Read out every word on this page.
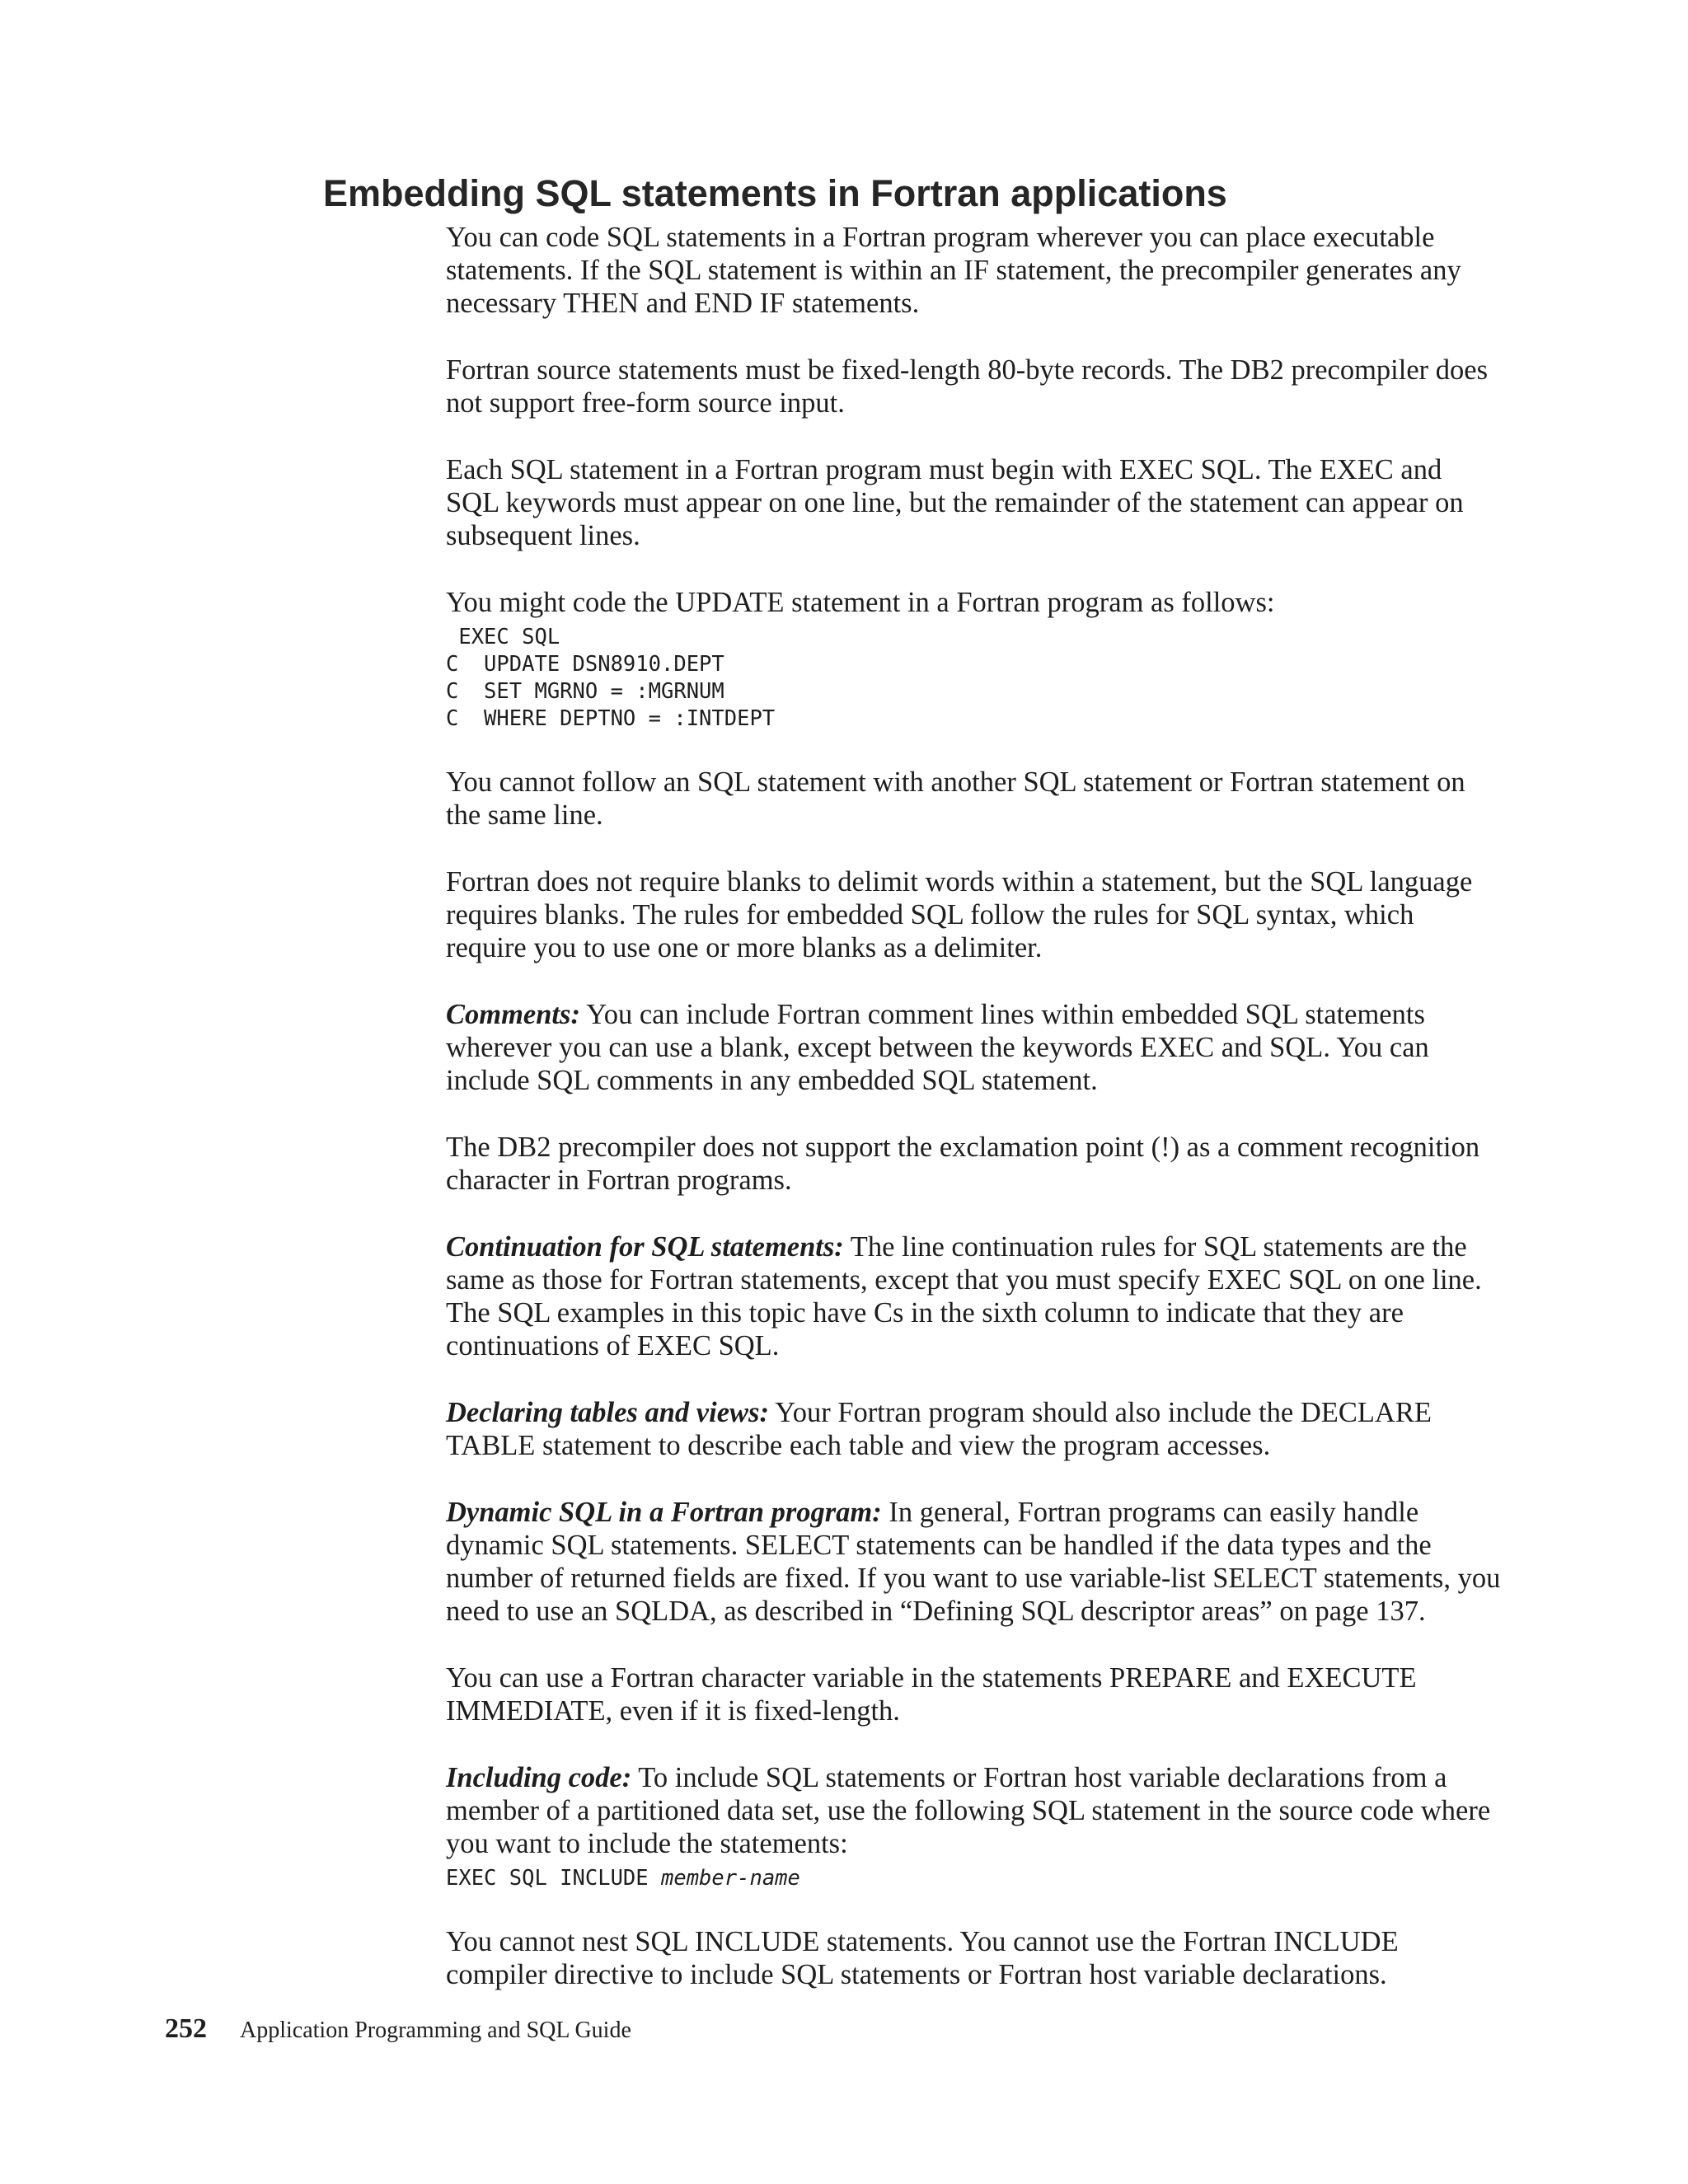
Embedding SQL statements in Fortran applications

You can code SQL statements in a Fortran program wherever you can place executable statements. If the SQL statement is within an IF statement, the precompiler generates any necessary THEN and END IF statements.

Fortran source statements must be fixed-length 80-byte records. The DB2 precompiler does not support free-form source input.

Each SQL statement in a Fortran program must begin with EXEC SQL. The EXEC and SQL keywords must appear on one line, but the remainder of the statement can appear on subsequent lines.

You might code the UPDATE statement in a Fortran program as follows:

EXEC SQL
C  UPDATE DSN8910.DEPT
C  SET MGRNO = :MGRNUM
C  WHERE DEPTNO = :INTDEPT

You cannot follow an SQL statement with another SQL statement or Fortran statement on the same line.

Fortran does not require blanks to delimit words within a statement, but the SQL language requires blanks. The rules for embedded SQL follow the rules for SQL syntax, which require you to use one or more blanks as a delimiter.

Comments: You can include Fortran comment lines within embedded SQL statements wherever you can use a blank, except between the keywords EXEC and SQL. You can include SQL comments in any embedded SQL statement.

The DB2 precompiler does not support the exclamation point (!) as a comment recognition character in Fortran programs.

Continuation for SQL statements: The line continuation rules for SQL statements are the same as those for Fortran statements, except that you must specify EXEC SQL on one line. The SQL examples in this topic have Cs in the sixth column to indicate that they are continuations of EXEC SQL.

Declaring tables and views: Your Fortran program should also include the DECLARE TABLE statement to describe each table and view the program accesses.

Dynamic SQL in a Fortran program: In general, Fortran programs can easily handle dynamic SQL statements. SELECT statements can be handled if the data types and the number of returned fields are fixed. If you want to use variable-list SELECT statements, you need to use an SQLDA, as described in “Defining SQL descriptor areas” on page 137.

You can use a Fortran character variable in the statements PREPARE and EXECUTE IMMEDIATE, even if it is fixed-length.

Including code: To include SQL statements or Fortran host variable declarations from a member of a partitioned data set, use the following SQL statement in the source code where you want to include the statements:

EXEC SQL INCLUDE member-name

You cannot nest SQL INCLUDE statements. You cannot use the Fortran INCLUDE compiler directive to include SQL statements or Fortran host variable declarations.

252 Application Programming and SQL Guide
